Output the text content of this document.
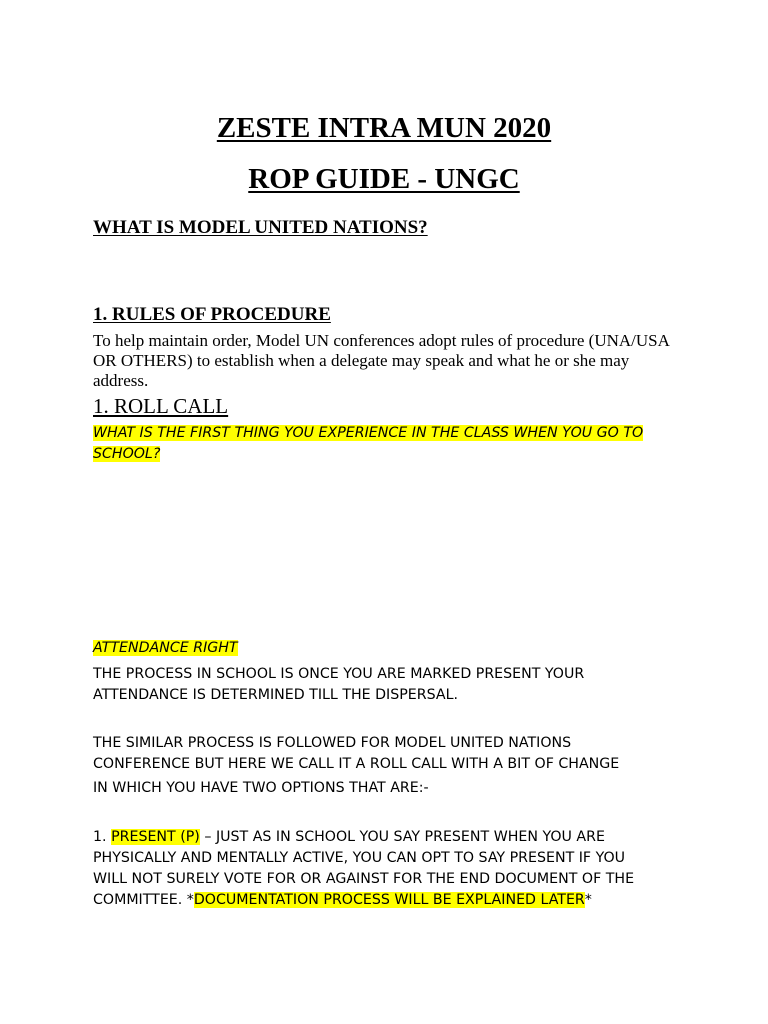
ZESTE INTRA MUN 2020
ROP GUIDE - UNGC
WHAT IS MODEL UNITED NATIONS?
1. RULES OF PROCEDURE
To help maintain order, Model UN conferences adopt rules of procedure (UNA/USA OR OTHERS) to establish when a delegate may speak and what he or she may address.
1. ROLL CALL
WHAT IS THE FIRST THING YOU EXPERIENCE IN THE CLASS WHEN YOU GO TO
SCHOOL?
ATTENDANCE RIGHT
THE PROCESS IN SCHOOL IS ONCE YOU ARE MARKED PRESENT YOUR ATTENDANCE IS DETERMINED TILL THE DISPERSAL.
THE SIMILAR PROCESS IS FOLLOWED FOR MODEL UNITED NATIONS
CONFERENCE BUT HERE WE CALL IT A ROLL CALL WITH A BIT OF CHANGE
IN WHICH YOU HAVE TWO OPTIONS THAT ARE:-
1. PRESENT (P) – JUST AS IN SCHOOL YOU SAY PRESENT WHEN YOU ARE
PHYSICALLY AND MENTALLY ACTIVE, YOU CAN OPT TO SAY PRESENT IF YOU
WILL NOT SURELY VOTE FOR OR AGAINST FOR THE END DOCUMENT OF THE
COMMITTEE. *DOCUMENTATION PROCESS WILL BE EXPLAINED LATER*
